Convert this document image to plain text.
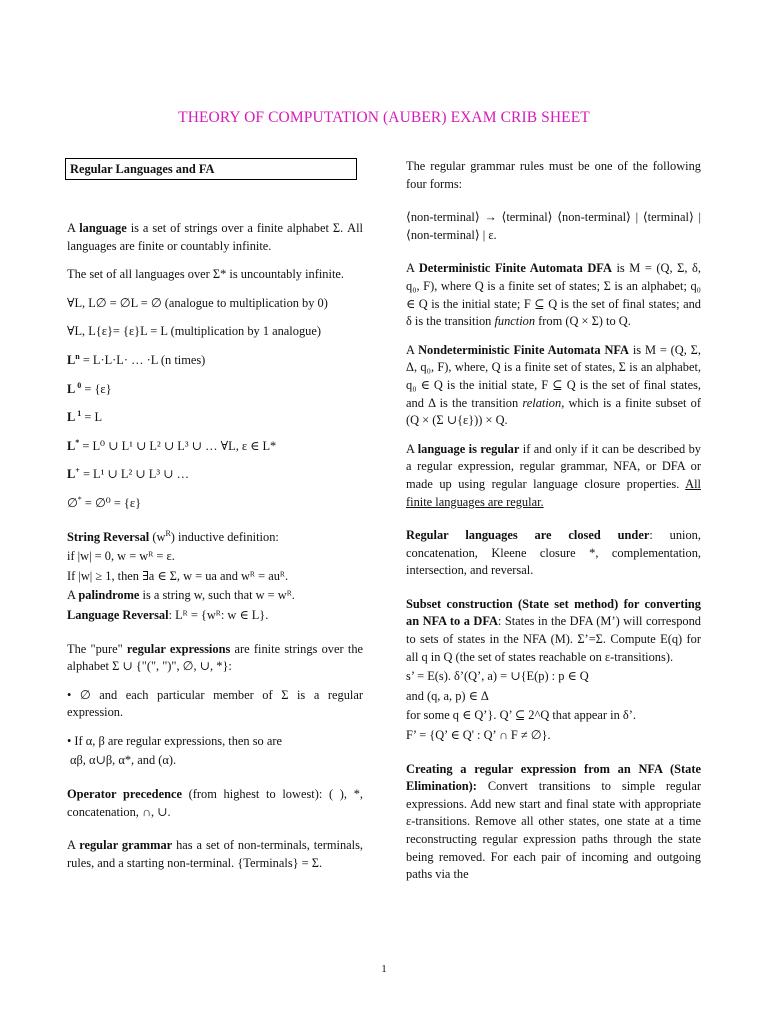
THEORY OF COMPUTATION (AUBER) EXAM CRIB SHEET
Regular Languages and FA

A language is a set of strings over a finite alphabet Σ. All languages are finite or countably infinite.

The set of all languages over Σ* is uncountably infinite.

∀L, L∅ = ∅L = ∅ (analogue to multiplication by 0)

∀L, L{ε}= {ε}L = L (multiplication by 1 analogue)

$L^n = L\cdot L\cdot L\cdot$ … ·L (n times)

L $^0$ = {ε}

L $^1$ = L

L* = L⁰ ∪ L¹ ∪ L² ∪ L³ ∪ … ∀L, ε ∈ L*

L+ = L¹ ∪ L² ∪ L³ ∪ …

∅* = ∅⁰ = {ε}

String Reversal $(w^R)$ inductive definition:

if |w| = 0, w = wᴿ = ε.

If |w| ≥ 1, then ∃a ∈ Σ, w = ua and wᴿ = auᴿ.

A palindrome is a string w, such that w = wᴿ.

Language Reversal: Lᴿ = {wᴿ: w ∈ L}.

The "pure" regular expressions are finite strings over the alphabet Σ ∪ {"(", ")", ∅, ∪, *}:

• ∅ and each particular member of Σ is a regular expression.

• If α, β are regular expressions, then so are

αβ, α∪β, α*, and (α).

Operator precedence (from highest to lowest): ( ), *, concatenation, ∩, ∪.

A regular grammar has a set of non-terminals, terminals, rules, and a starting non-terminal. {Terminals} = Σ.

The regular grammar rules must be one of the following four forms:

⟨non-terminal⟩ → ⟨terminal⟩ ⟨non-terminal⟩ | ⟨terminal⟩ | ⟨non-terminal⟩ | ε.

A Deterministic Finite Automata DFA is M = (Q, Σ, δ, q₀, F), where Q is a finite set of states; Σ is an alphabet; q₀ ∈ Q is the initial state; F ⊆ Q is the set of final states; and δ is the transition function from (Q × Σ) to Q.

A Nondeterministic Finite Automata NFA is M = (Q, Σ, Δ, q₀, F), where, Q is a finite set of states, Σ is an alphabet, q₀ ∈ Q is the initial state, F ⊆ Q is the set of final states, and Δ is the transition relation, which is a finite subset of (Q × (Σ ∪{ε})) × Q.

A language is regular if and only if it can be described by a regular expression, regular grammar, NFA, or DFA or made up using regular language closure properties. All finite languages are regular.

Regular languages are closed under: union, concatenation, Kleene closure *, complementation, intersection, and reversal.

Subset construction (State set method) for converting an NFA to a DFA: States in the DFA (M’) will correspond to sets of states in the NFA (M). Σ’=Σ. Compute E(q) for all q in Q (the set of states reachable on ε-transitions).

s’ = E(s). δ’(Q’, a) = ∪{E(p) : p ∈ Q

and (q, a, p) ∈ Δ

for some q ∈ Q’}. Q’ ⊆ 2^Q that appear in δ’.

F’ = {Q’ ∈ Q' : Q’ ∩ F ≠ ∅}.

Creating a regular expression from an NFA (State Elimination): Convert transitions to simple regular expressions. Add new start and final state with appropriate ε-transitions. Remove all other states, one state at a time reconstructing regular expression paths through the state being removed. For each pair of incoming and outgoing paths via the

1
